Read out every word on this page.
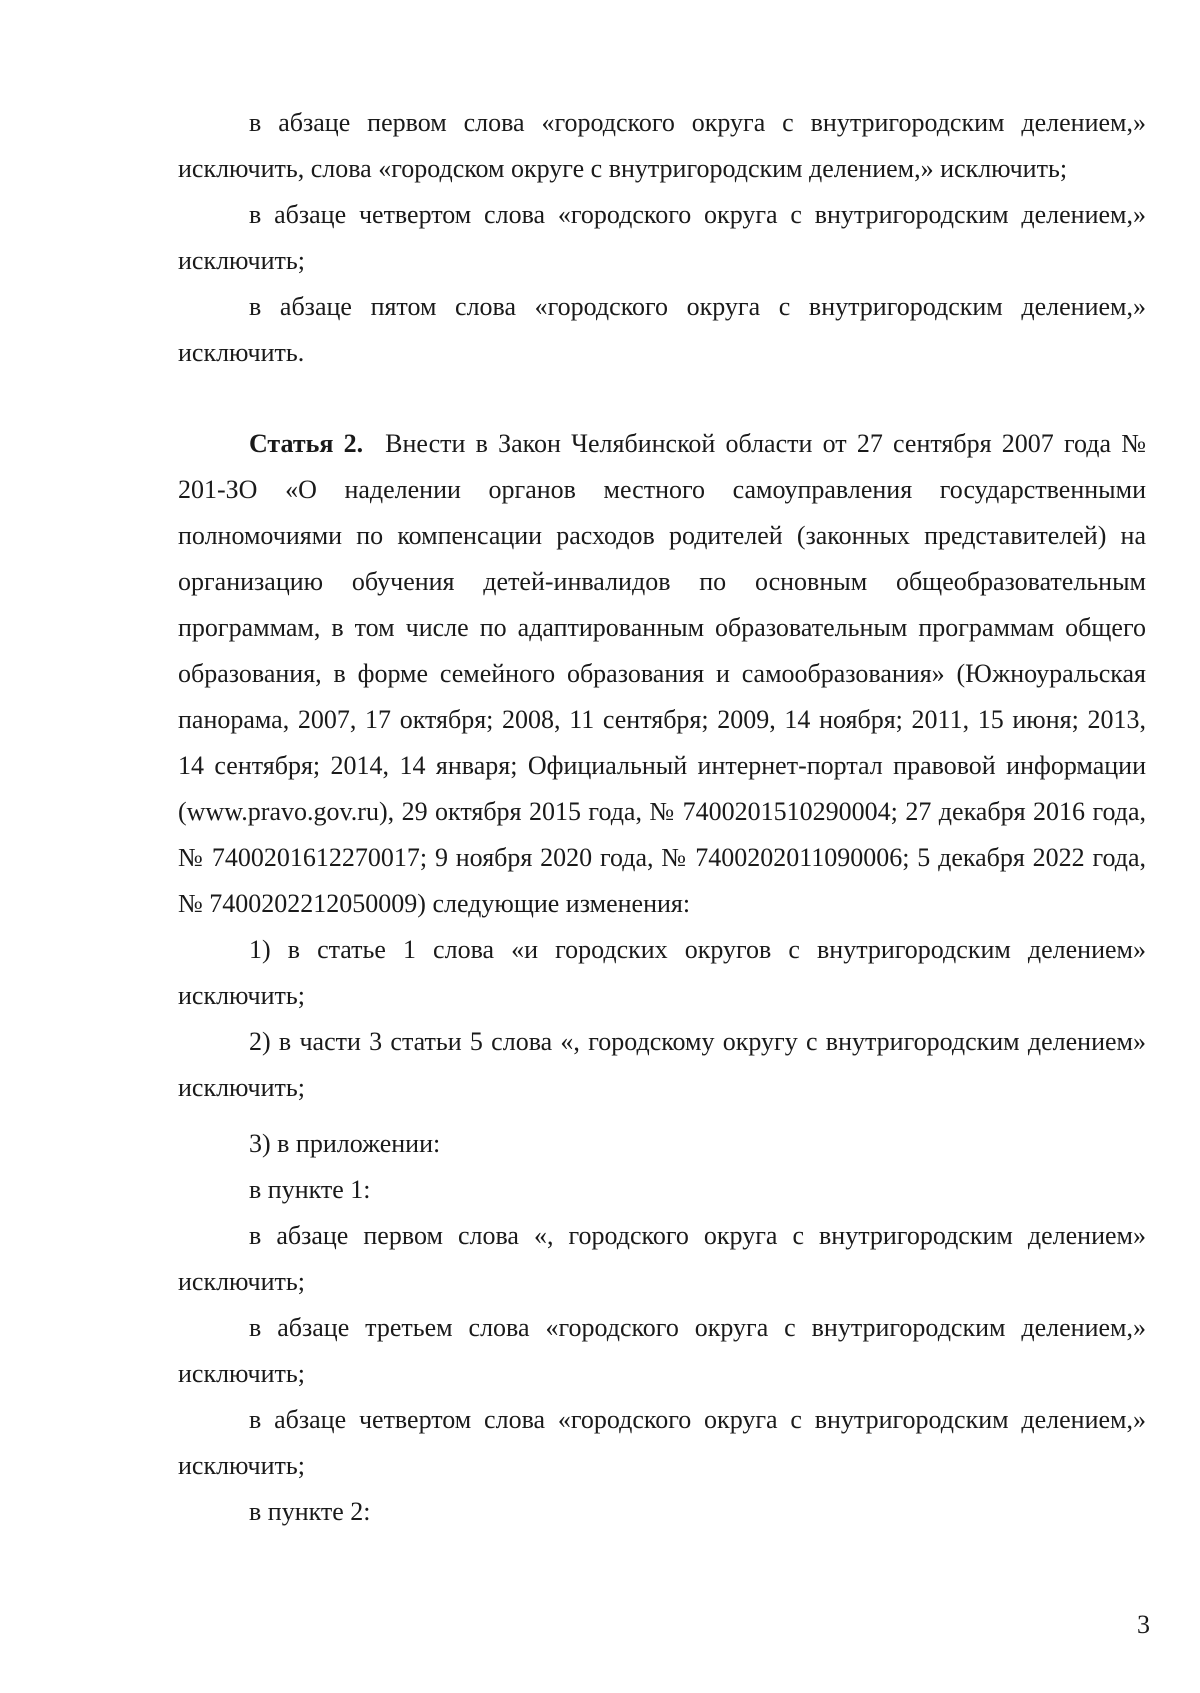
в абзаце первом слова «городского округа с внутригородским делением,» исключить, слова «городском округе с внутригородским делением,» исключить;

в абзаце четвертом слова «городского округа с внутригородским делением,» исключить;

в абзаце пятом слова «городского округа с внутригородским делением,» исключить.

Статья 2. Внести в Закон Челябинской области от 27 сентября 2007 года № 201-ЗО «О наделении органов местного самоуправления государственными полномочиями по компенсации расходов родителей (законных представителей) на организацию обучения детей-инвалидов по основным общеобразовательным программам, в том числе по адаптированным образовательным программам общего образования, в форме семейного образования и самообразования» (Южноуральская панорама, 2007, 17 октября; 2008, 11 сентября; 2009, 14 ноября; 2011, 15 июня; 2013, 14 сентября; 2014, 14 января; Официальный интернет-портал правовой информации (www.pravo.gov.ru), 29 октября 2015 года, № 7400201510290004; 27 декабря 2016 года, № 7400201612270017; 9 ноября 2020 года, № 7400202011090006; 5 декабря 2022 года, № 7400202212050009) следующие изменения:

1) в статье 1 слова «и городских округов с внутригородским делением» исключить;

2) в части 3 статьи 5 слова «, городскому округу с внутригородским делением» исключить;

3) в приложении:

в пункте 1:

в абзаце первом слова «, городского округа с внутригородским делением» исключить;

в абзаце третьем слова «городского округа с внутригородским делением,» исключить;

в абзаце четвертом слова «городского округа с внутригородским делением,» исключить;

в пункте 2:

3
